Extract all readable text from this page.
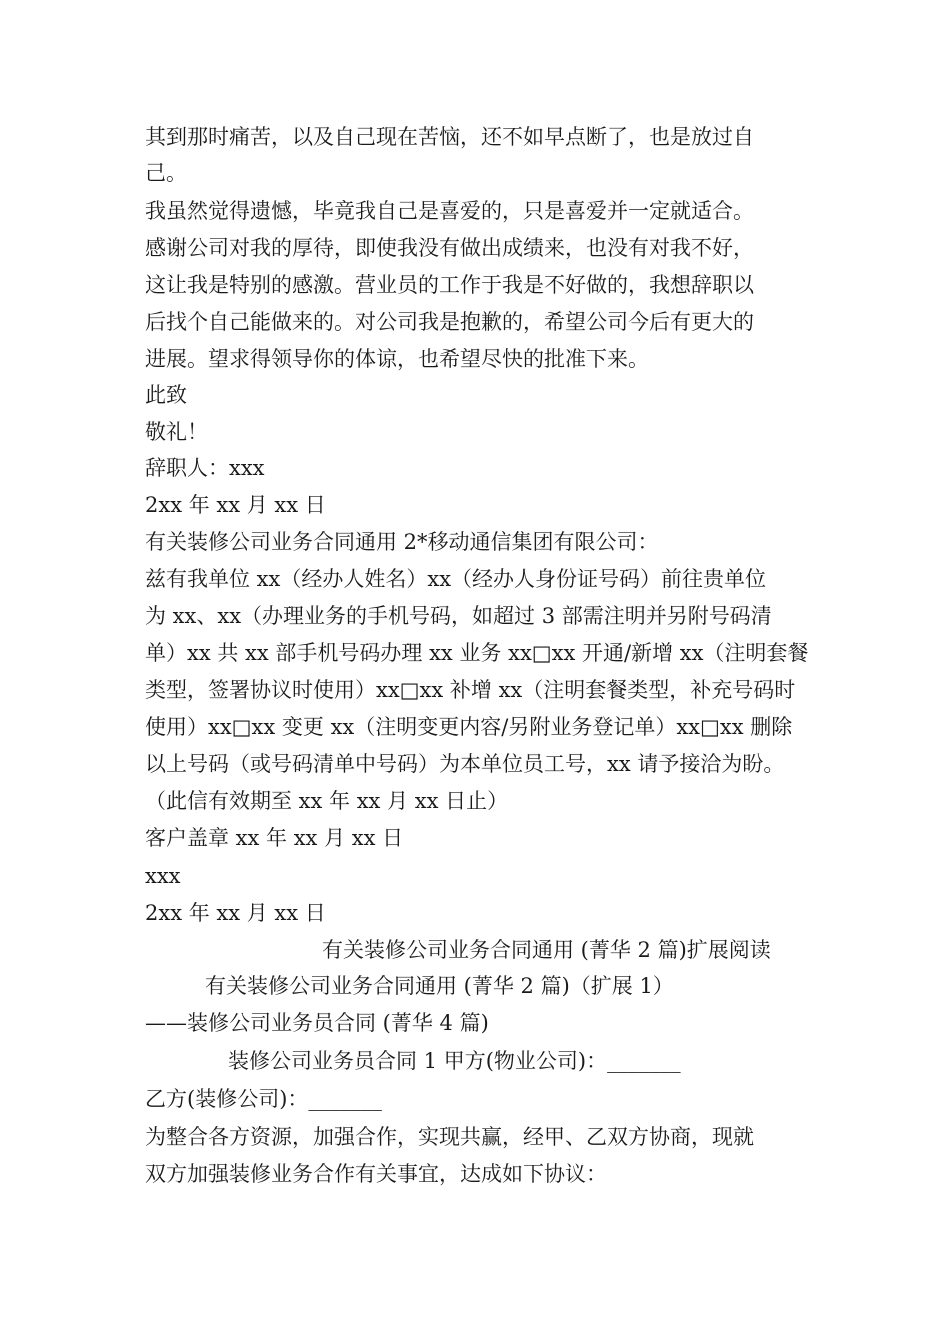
其到那时痛苦，以及自己现在苦恼，还不如早点断了，也是放过自
己。
我虽然觉得遗憾，毕竟我自己是喜爱的，只是喜爱并一定就适合。
感谢公司对我的厚待，即使我没有做出成绩来，也没有对我不好，
这让我是特别的感激。营业员的工作于我是不好做的，我想辞职以
后找个自己能做来的。对公司我是抱歉的，希望公司今后有更大的
进展。望求得领导你的体谅，也希望尽快的批准下来。
此致
敬礼！
辞职人：xxx
2xx 年 xx 月 xx 日
有关装修公司业务合同通用 2*移动通信集团有限公司：
兹有我单位 xx（经办人姓名）xx（经办人身份证号码）前往贵单位
为 xx、xx（办理业务的手机号码，如超过 3 部需注明并另附号码清
单）xx 共 xx 部手机号码办理 xx 业务 xx□xx 开通/新增 xx（注明套餐
类型，签署协议时使用）xx□xx 补增 xx（注明套餐类型，补充号码时
使用）xx□xx 变更 xx（注明变更内容/另附业务登记单）xx□xx 删除
以上号码（或号码清单中号码）为本单位员工号，xx 请予接洽为盼。
（此信有效期至 xx 年 xx 月 xx 日止）
客户盖章 xx 年 xx 月 xx 日
xxx
2xx 年 xx 月 xx 日
有关装修公司业务合同通用 (菁华 2 篇)扩展阅读
有关装修公司业务合同通用 (菁华 2 篇)（扩展 1）
——装修公司业务员合同 (菁华 4 篇)
装修公司业务员合同 1 甲方(物业公司)：_______
乙方(装修公司)：_______
为整合各方资源，加强合作，实现共赢，经甲、乙双方协商，现就
双方加强装修业务合作有关事宜，达成如下协议：
